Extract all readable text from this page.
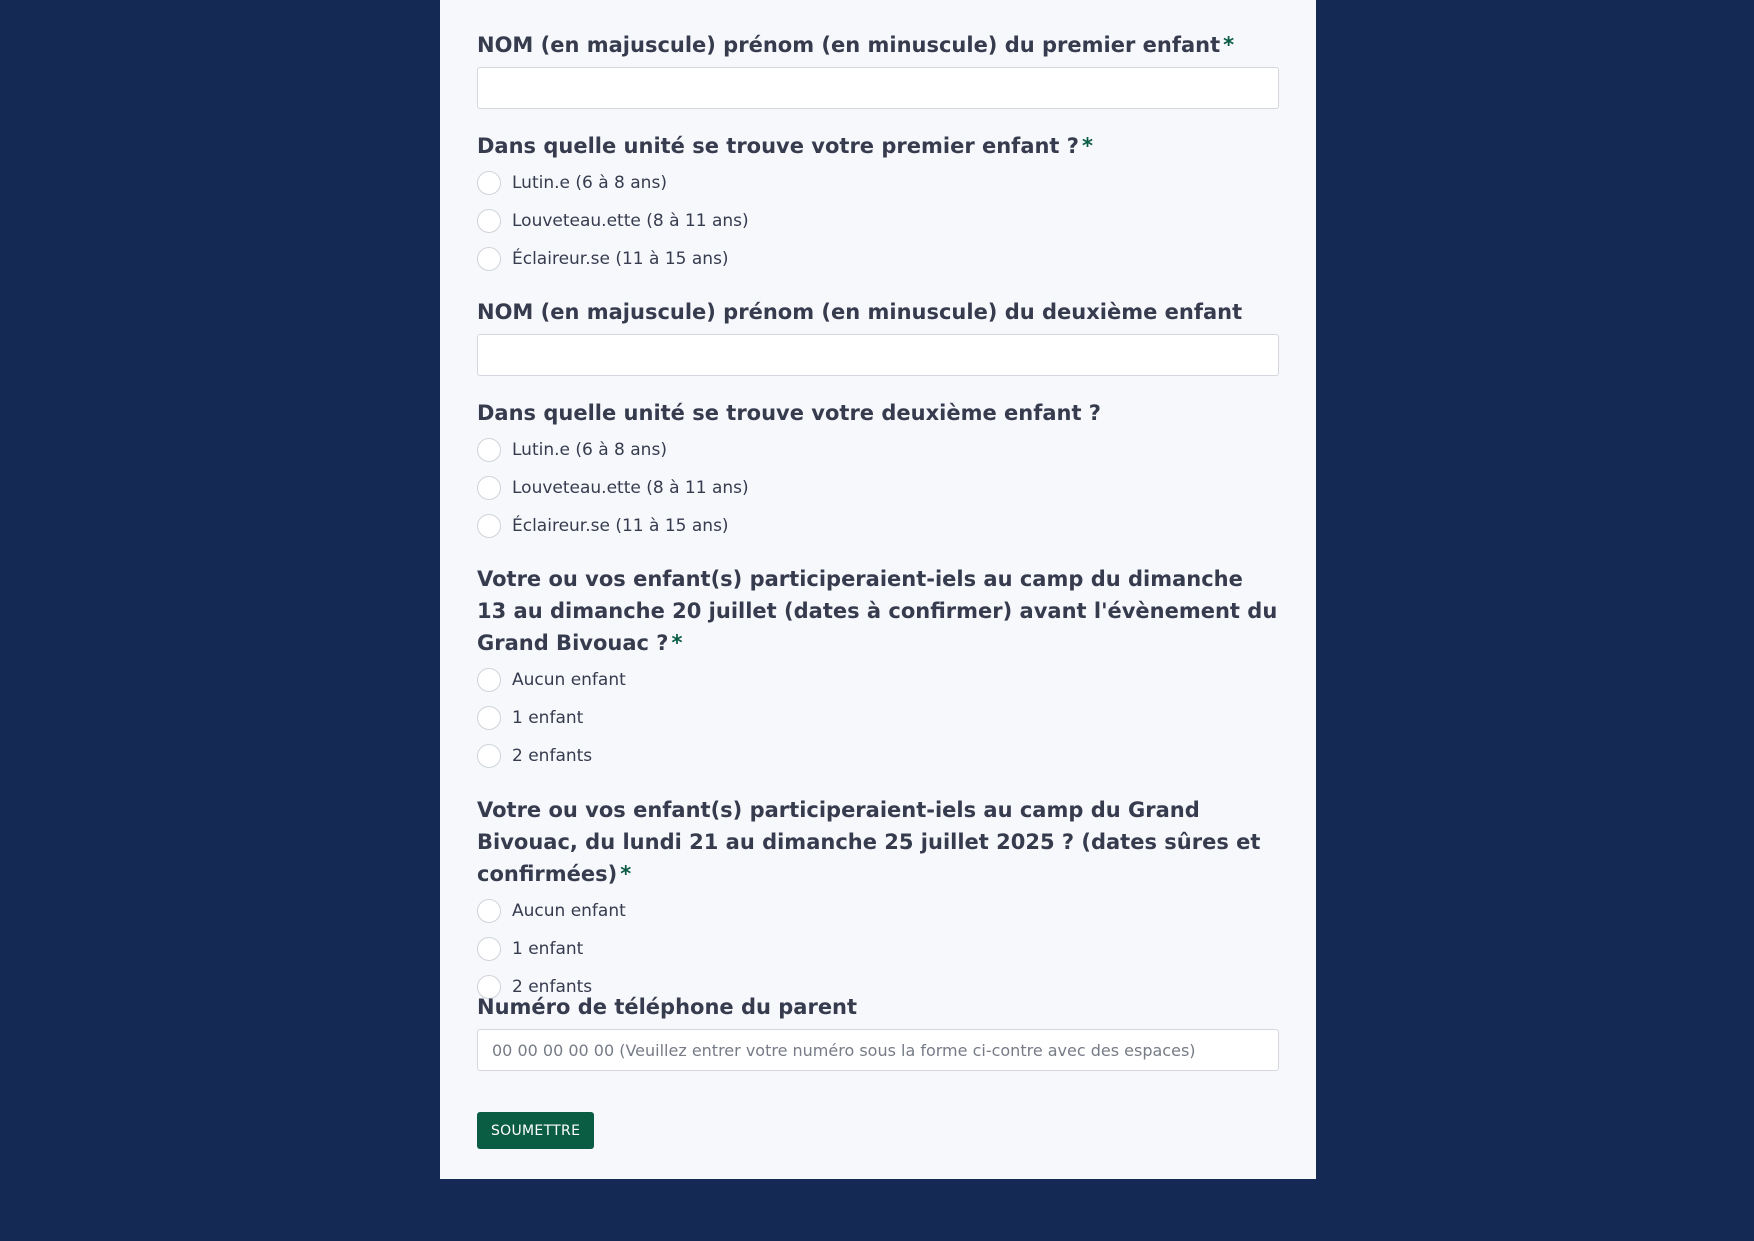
NOM (en majuscule) prénom (en minuscule) du premier enfant *
Dans quelle unité se trouve votre premier enfant ? *
Lutin.e (6 à 8 ans)
Louveteau.ette (8 à 11 ans)
Éclaireur.se (11 à 15 ans)
NOM (en majuscule) prénom (en minuscule) du deuxième enfant
Dans quelle unité se trouve votre deuxième enfant ?
Lutin.e (6 à 8 ans)
Louveteau.ette (8 à 11 ans)
Éclaireur.se (11 à 15 ans)
Votre ou vos enfant(s) participeraient-iels au camp du dimanche 13 au dimanche 20 juillet (dates à confirmer) avant l'évènement du Grand Bivouac ? *
Aucun enfant
1 enfant
2 enfants
Votre ou vos enfant(s) participeraient-iels au camp du Grand Bivouac, du lundi 21 au dimanche 25 juillet 2025 ? (dates sûres et confirmées) *
Aucun enfant
1 enfant
2 enfants
Numéro de téléphone du parent
00 00 00 00 00 (Veuillez entrer votre numéro sous la forme ci-contre avec des espaces)
SOUMETTRE
